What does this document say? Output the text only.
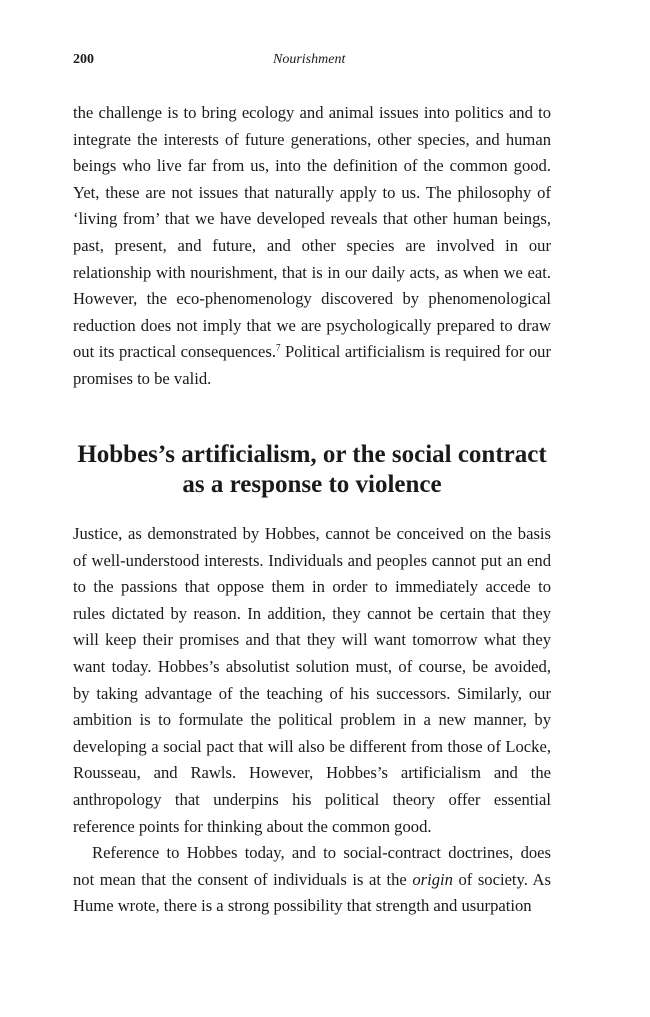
200	Nourishment

the challenge is to bring ecology and animal issues into politics and to integrate the interests of future generations, other species, and human beings who live far from us, into the definition of the common good. Yet, these are not issues that naturally apply to us. The philosophy of ‘living from’ that we have developed reveals that other human beings, past, present, and future, and other species are involved in our relationship with nourishment, that is in our daily acts, as when we eat. However, the eco-phenomenology discovered by phenomenological reduction does not imply that we are psychologically prepared to draw out its practical consequences.$^7$ Political artificialism is required for our promises to be valid.

Hobbes’s artificialism, or the social contract
as a response to violence

Justice, as demonstrated by Hobbes, cannot be conceived on the basis of well-understood interests. Individuals and peoples cannot put an end to the passions that oppose them in order to immediately accede to rules dictated by reason. In addition, they cannot be certain that they will keep their promises and that they will want tomorrow what they want today. Hobbes’s absolutist solution must, of course, be avoided, by taking advantage of the teaching of his successors. Similarly, our ambition is to formulate the political problem in a new manner, by developing a social pact that will also be different from those of Locke, Rousseau, and Rawls. However, Hobbes’s artificialism and the anthropology that underpins his political theory offer essential reference points for thinking about the common good.

Reference to Hobbes today, and to social-contract doctrines, does not mean that the consent of individuals is at the origin of society. As Hume wrote, there is a strong possibility that strength and usurpation
